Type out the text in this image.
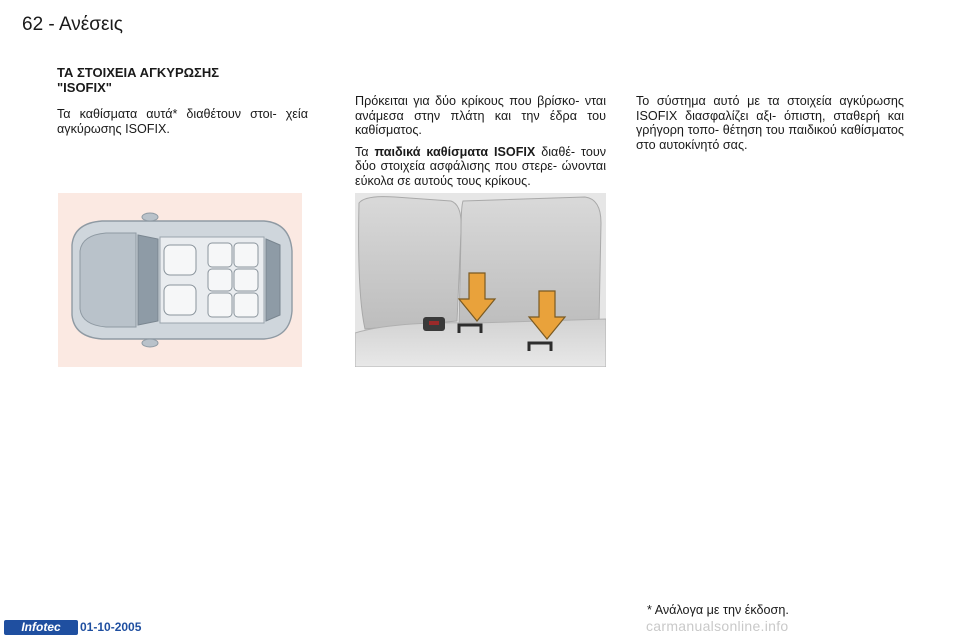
62 - Ανέσεις
ΤΑ ΣΤΟΙΧΕΙΑ ΑΓΚΥΡΩΣΗΣ
"ISOFIX"

Τα καθίσματα αυτά* διαθέτουν στοι- χεία αγκύρωσης ISOFIX.

Πρόκειται για δύο κρίκους που βρίσκο- νται ανάμεσα στην πλάτη και την έδρα του καθίσματος.

Τα παιδικά καθίσματα ISOFIX διαθέ- τουν δύο στοιχεία ασφάλισης που στερε- ώνονται εύκολα σε αυτούς τους κρίκους.

Το σύστημα αυτό με τα στοιχεία αγκύρωσης ISOFIX διασφαλίζει αξι- όπιστη, σταθερή και γρήγορη τοπο- θέτηση του παιδικού καθίσματος στο αυτοκίνητό σας.

* Ανάλογα με την έκδοση.
Infotec	01-10-2005	carmanualsonline.info
